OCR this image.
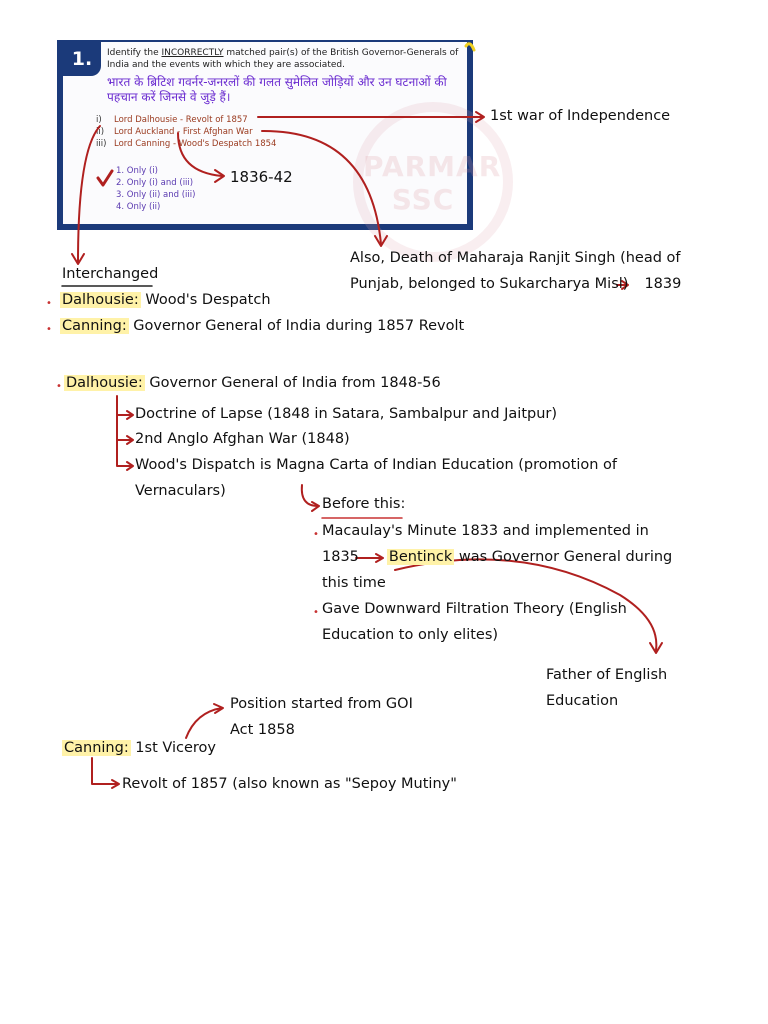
1.	Identify the INCORRECTLY matched pair(s) of the British Governor-Generals of India and the events with which they are associated.
भारत के ब्रिटिश गवर्नर-जनरलों की गलत सुमेलित जोड़ियों और उन घटनाओं की पहचान करें जिनसे वे जुड़े हैं।
PARMAR SSC
i) Lord Dalhousie - Revolt of 1857
ii) Lord Auckland - First Afghan War
iii) Lord Canning - Wood's Despatch 1854
1. Only (i)
2. Only (i) and (iii)
3. Only (ii) and (iii)
4. Only (ii)
1st war of Independence
1836-42
Also, Death of Maharaja Ranjit Singh (head of
Punjab, belonged to Sukarcharya Misl) 1839
Interchanged
• Dalhousie: Wood's Despatch
• Canning: Governor General of India during 1857 Revolt
• Dalhousie: Governor General of India from 1848-56
Doctrine of Lapse (1848 in Satara, Sambalpur and Jaitpur)
2nd Anglo Afghan War (1848)
Wood's Dispatch is Magna Carta of Indian Education (promotion of
Vernaculars)
Before this:
• Macaulay's Minute 1833 and implemented in
1835 Bentinck was Governor General during
this time
• Gave Downward Filtration Theory (English
Education to only elites)
Father of English
Education
Position started from GOI
Act 1858
Canning: 1st Viceroy
Revolt of 1857 (also known as "Sepoy Mutiny"
